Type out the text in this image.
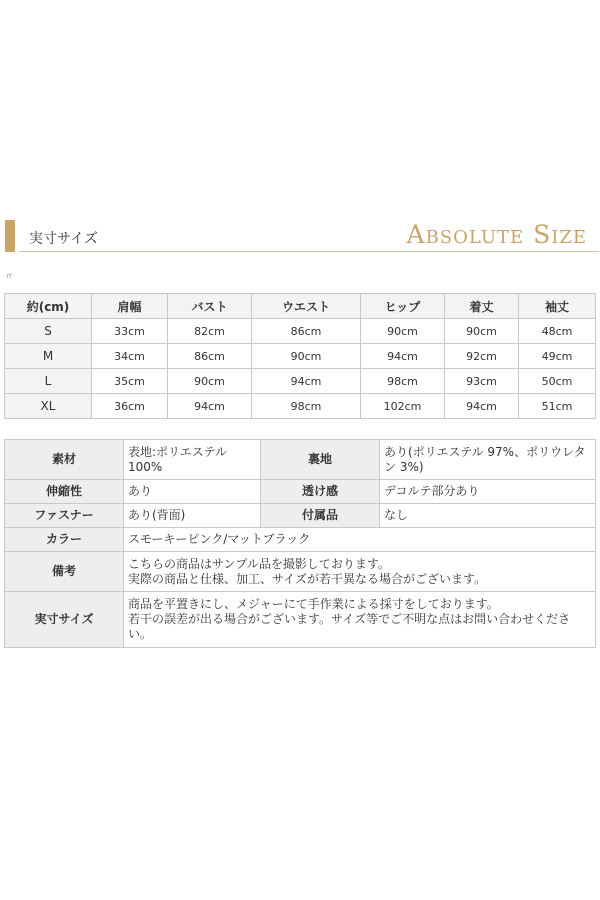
実寸サイズ	Absolute Size
〃
約(cm)	肩幅	バスト	ウエスト	ヒップ	着丈	袖丈
S	33cm	82cm	86cm	90cm	90cm	48cm
M	34cm	86cm	90cm	94cm	92cm	49cm
L	35cm	90cm	94cm	98cm	93cm	50cm
XL	36cm	94cm	98cm	102cm	94cm	51cm
素材	表地:ポリエステル100%	裏地	あり(ポリエステル 97%、ポリウレタン 3%)
伸縮性	あり	透け感	デコルテ部分あり
ファスナー	あり(背面)	付属品	なし
カラー	スモーキーピンク/マットブラック		
備考	こちらの商品はサンプル品を撮影しております。
実際の商品と仕様、加工、サイズが若干異なる場合がございます。		

実寸サイズ	商品を平置きにし、メジャーにて手作業による採寸をしております。
若干の誤差が出る場合がございます。サイズ等でご不明な点はお問い合わせください。		
